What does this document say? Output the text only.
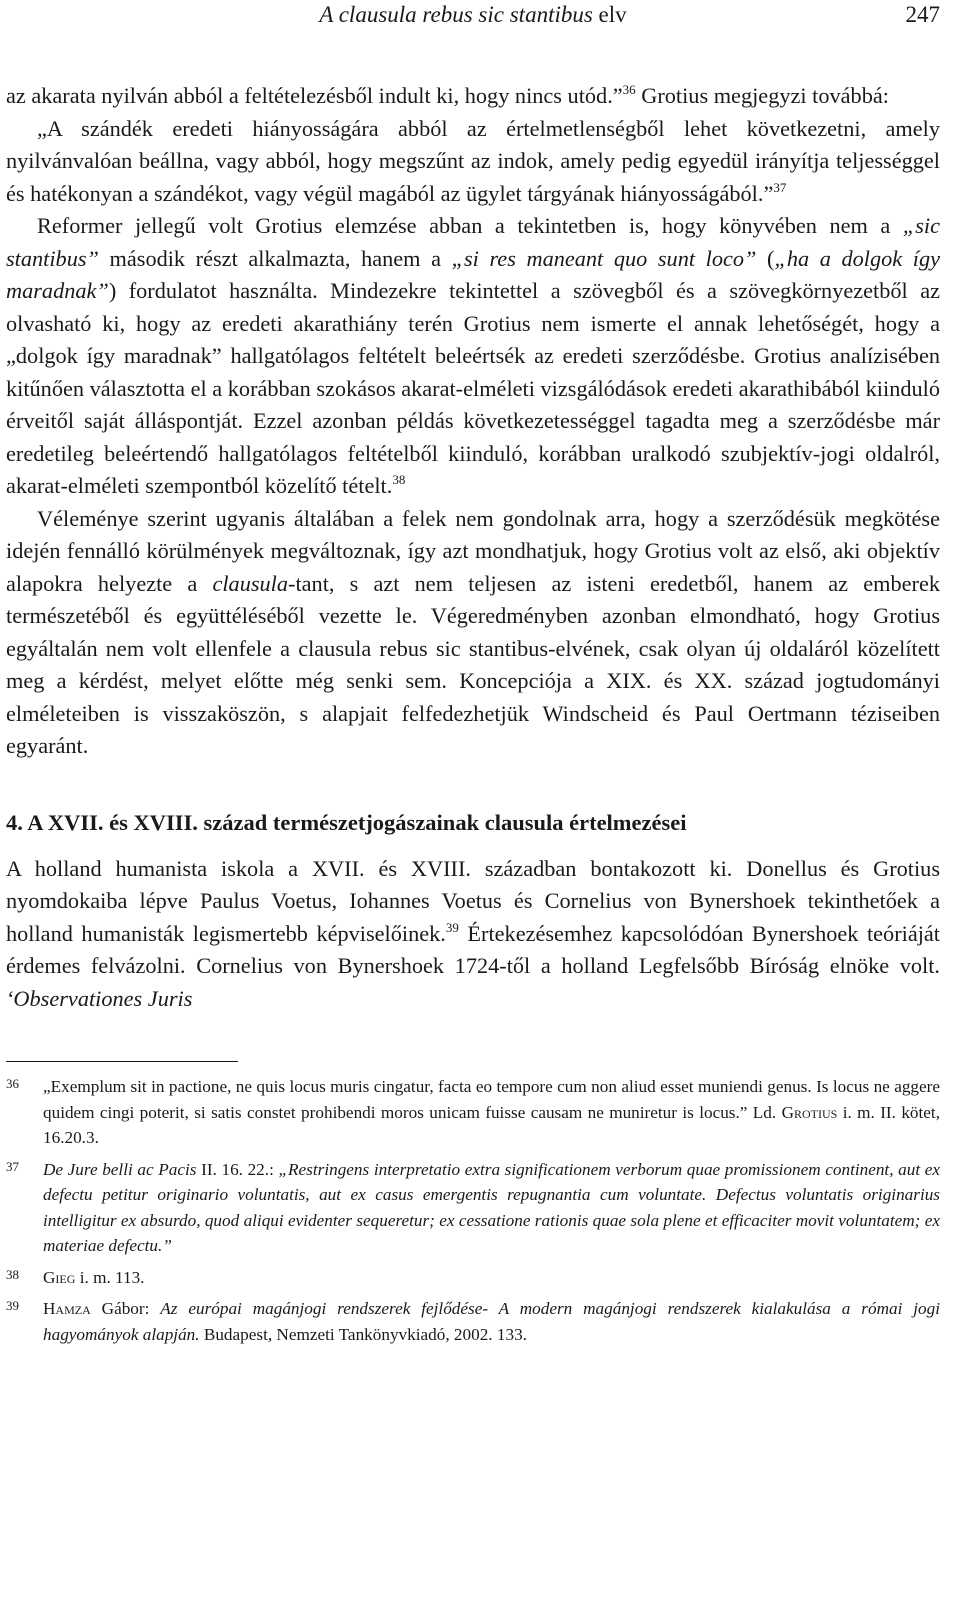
A clausula rebus sic stantibus elv	247

az akarata nyilván abból a feltételezésből indult ki, hogy nincs utód.”$^{36}$ Grotius megjegyzi továbbá:

„A szándék eredeti hiányosságára abból az értelmetlenségből lehet következetni, amely nyilvánvalóan beállna, vagy abból, hogy megszűnt az indok, amely pedig egyedül irányítja teljességgel és hatékonyan a szándékot, vagy végül magából az ügylet tárgyának hiányosságából.”$^{37}$

Reformer jellegű volt Grotius elemzése abban a tekintetben is, hogy könyvében nem a „sic stantibus” második részt alkalmazta, hanem a „si res maneant quo sunt loco” („ha a dolgok így maradnak”) fordulatot használta. Mindezekre tekintettel a szövegből és a szövegkörnyezetből az olvasható ki, hogy az eredeti akarathiány terén Grotius nem ismerte el annak lehetőségét, hogy a „dolgok így maradnak” hallgatólagos feltételt beleértsék az eredeti szerződésbe. Grotius analízisében kitűnően választotta el a korábban szokásos akarat-elméleti vizsgálódások eredeti akarathibából kiinduló érveitől saját álláspontját. Ezzel azonban példás következetességgel tagadta meg a szerződésbe már eredetileg beleértendő hallgatólagos feltételből kiinduló, korábban uralkodó szubjektív-jogi oldalról, akarat-elméleti szempontból közelítő tételt.$^{38}$

Véleménye szerint ugyanis általában a felek nem gondolnak arra, hogy a szerződésük megkötése idején fennálló körülmények megváltoznak, így azt mondhatjuk, hogy Grotius volt az első, aki objektív alapokra helyezte a clausula-tant, s azt nem teljesen az isteni eredetből, hanem az emberek természetéből és együttéléséből vezette le. Végeredményben azonban elmondható, hogy Grotius egyáltalán nem volt ellenfele a clausula rebus sic stantibus-elvének, csak olyan új oldaláról közelített meg a kérdést, melyet előtte még senki sem. Koncepciója a XIX. és XX. század jogtudományi elméleteiben is visszaköszön, s alapjait felfedezhetjük Windscheid és Paul Oertmann téziseiben egyaránt.

4. A XVII. és XVIII. század természetjogászainak clausula értelmezései

A holland humanista iskola a XVII. és XVIII. században bontakozott ki. Donellus és Grotius nyomdokaiba lépve Paulus Voetus, Iohannes Voetus és Cornelius von Bynershoek tekinthetőek a holland humanisták legismertebb képviselőinek.$^{39}$ Értekezésemhez kapcsolódóan Bynershoek teóriáját érdemes felvázolni. Cornelius von Bynershoek 1724-től a holland Legfelsőbb Bíróság elnöke volt. ‘Observationes Juris

36 „Exemplum sit in pactione, ne quis locus muris cingatur, facta eo tempore cum non aliud esset muniendi genus. Is locus ne aggere quidem cingi poterit, si satis constet prohibendi moros unicam fuisse causam ne muniretur is locus.” Ld. Grotius i. m. II. kötet, 16.20.3.
37 De Jure belli ac Pacis II. 16. 22.: „Restringens interpretatio extra significationem verborum quae promissionem continent, aut ex defectu petitur originario voluntatis, aut ex casus emergentis repugnantia cum voluntate. Defectus voluntatis originarius intelligitur ex absurdo, quod aliqui evidenter sequeretur; ex cessatione rationis quae sola plene et efficaciter movit voluntatem; ex materiae defectu.”
38 Gieg i. m. 113.
39 Hamza Gábor: Az európai magánjogi rendszerek fejlődése- A modern magánjogi rendszerek kialakulása a római jogi hagyományok alapján. Budapest, Nemzeti Tankönyvkiadó, 2002. 133.
